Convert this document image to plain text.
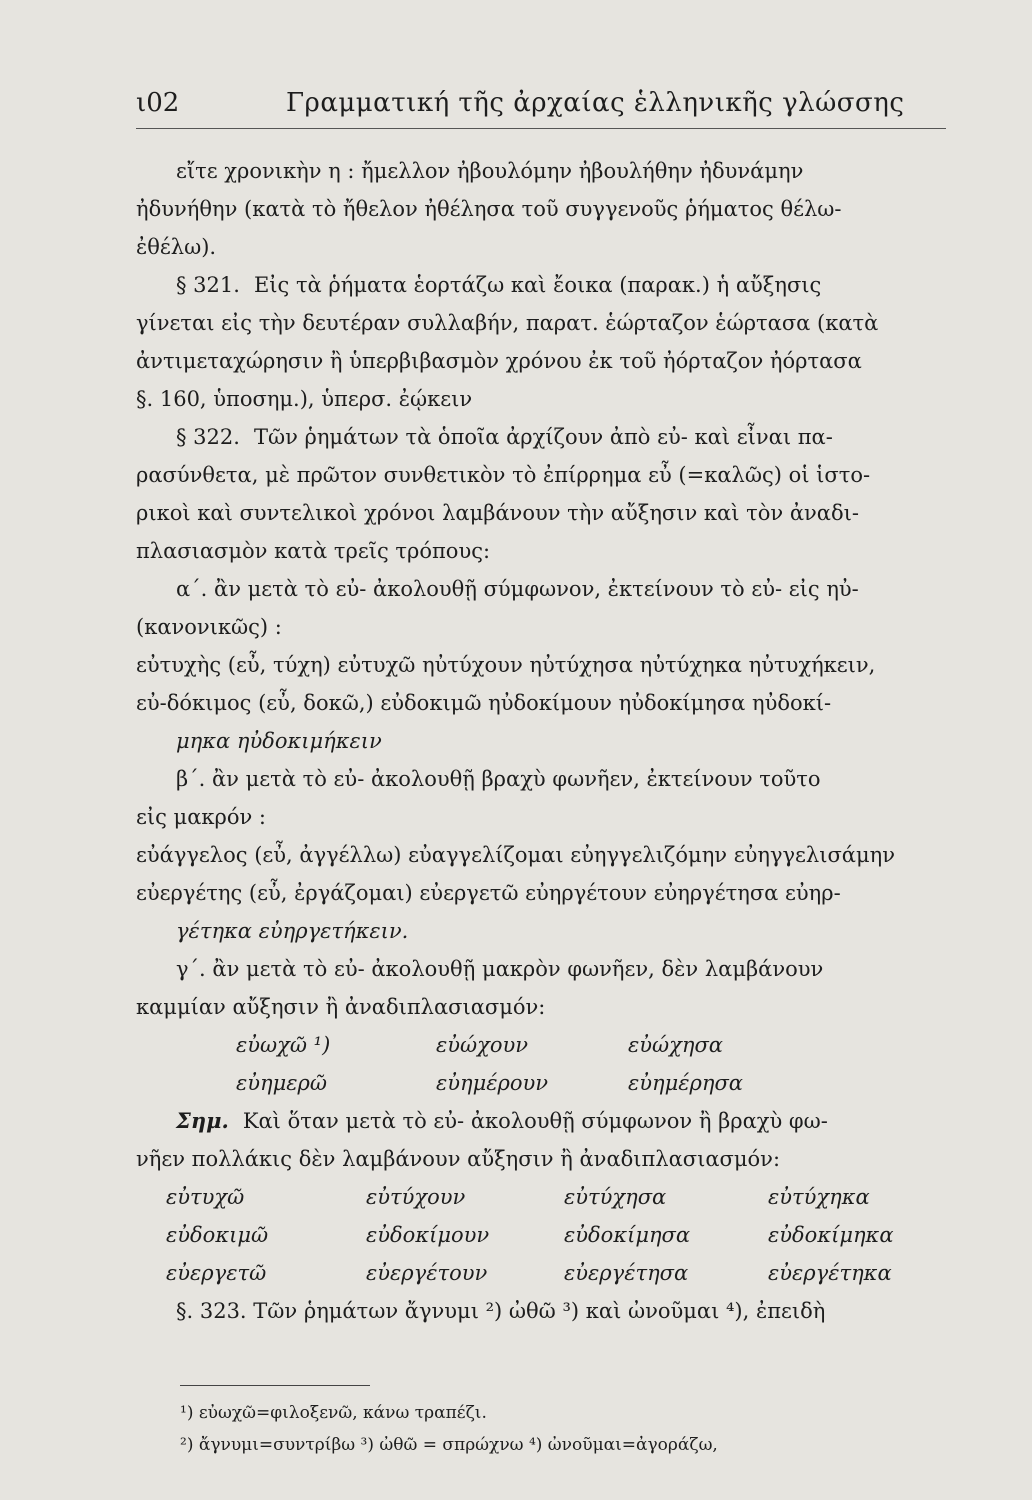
ι02	Γραμματική τῆς ἀρχαίας ἑλληνικῆς γλώσσης
εἴτε χρονικὴν η : ἤμελλον ἠβουλόμην ἠβουλήθην ἠδυνάμην
ἠδυνήθην (κατὰ τὸ ἤθελον ἠθέλησα τοῦ συγγενοῦς ῥήματος θέλω-
ἐθέλω).
§ 321. Εἰς τὰ ῥήματα ἑορτάζω καὶ ἔοικα (παρακ.) ἡ αὔξησις
γίνεται εἰς τὴν δευτέραν συλλαβήν, παρατ. ἑώρταζον ἑώρτασα (κατὰ
ἀντιμεταχώρησιν ἢ ὑπερβιβασμὸν χρόνου ἐκ τοῦ ἠόρταζον ἠόρτασα
§. 160, ὑποσημ.), ὑπερσ. ἐῴκειν
§ 322. Τῶν ῥημάτων τὰ ὁποῖα ἀρχίζουν ἀπὸ εὐ- καὶ εἶναι πα-
ρασύνθετα, μὲ πρῶτον συνθετικὸν τὸ ἐπίρρημα εὖ (=καλῶς) οἱ ἱστο-
ρικοὶ καὶ συντελικοὶ χρόνοι λαμβάνουν τὴν αὔξησιν καὶ τὸν ἀναδι-
πλασιασμὸν κατὰ τρεῖς τρόπους:
α΄. ἂν μετὰ τὸ εὐ- ἀκολουθῇ σύμφωνον, ἐκτείνουν τὸ εὐ- εἰς ηὐ-
(κανονικῶς) :
εὐτυχὴς (εὖ, τύχη) εὐτυχῶ ηὐτύχουν ηὐτύχησα ηὐτύχηκα ηὐτυχήκειν,
εὐ-δόκιμος (εὖ, δοκῶ,) εὐδοκιμῶ ηὐδοκίμουν ηὐδοκίμησα ηὐδοκί-
μηκα ηὐδοκιμήκειν
β΄. ἂν μετὰ τὸ εὐ- ἀκολουθῇ βραχὺ φωνῆεν, ἐκτείνουν τοῦτο
εἰς μακρόν :
εὐάγγελος (εὖ, ἀγγέλλω) εὐαγγελίζομαι εὐηγγελιζόμην εὐηγγελισάμην
εὐεργέτης (εὖ, ἐργάζομαι) εὐεργετῶ εὐηργέτουν εὐηργέτησα εὐηρ-
γέτηκα εὐηργετήκειν.
γ΄. ἂν μετὰ τὸ εὐ- ἀκολουθῇ μακρὸν φωνῆεν, δὲν λαμβάνουν
καμμίαν αὔξησιν ἢ ἀναδιπλασιασμόν:
εὐωχῶ ¹)	εὐώχουν	εὐώχησα
εὐημερῶ	εὐημέρουν	εὐημέρησα
Σημ. Καὶ ὅταν μετὰ τὸ εὐ- ἀκολουθῇ σύμφωνον ἢ βραχὺ φω-
νῆεν πολλάκις δὲν λαμβάνουν αὔξησιν ἢ ἀναδιπλασιασμόν:
εὐτυχῶ	εὐτύχουν	εὐτύχησα	εὐτύχηκα
εὐδοκιμῶ	εὐδοκίμουν	εὐδοκίμησα	εὐδοκίμηκα
εὐεργετῶ	εὐεργέτουν	εὐεργέτησα	εὐεργέτηκα
§. 323. Τῶν ῥημάτων ἄγνυμι ²) ὠθῶ ³) καὶ ὠνοῦμαι ⁴), ἐπειδὴ
¹) εὐωχῶ=φιλοξενῶ, κάνω τραπέζι.
²) ἄγνυμι=συντρίβω ³) ὠθῶ = σπρώχνω ⁴) ὠνοῦμαι=ἀγοράζω,
